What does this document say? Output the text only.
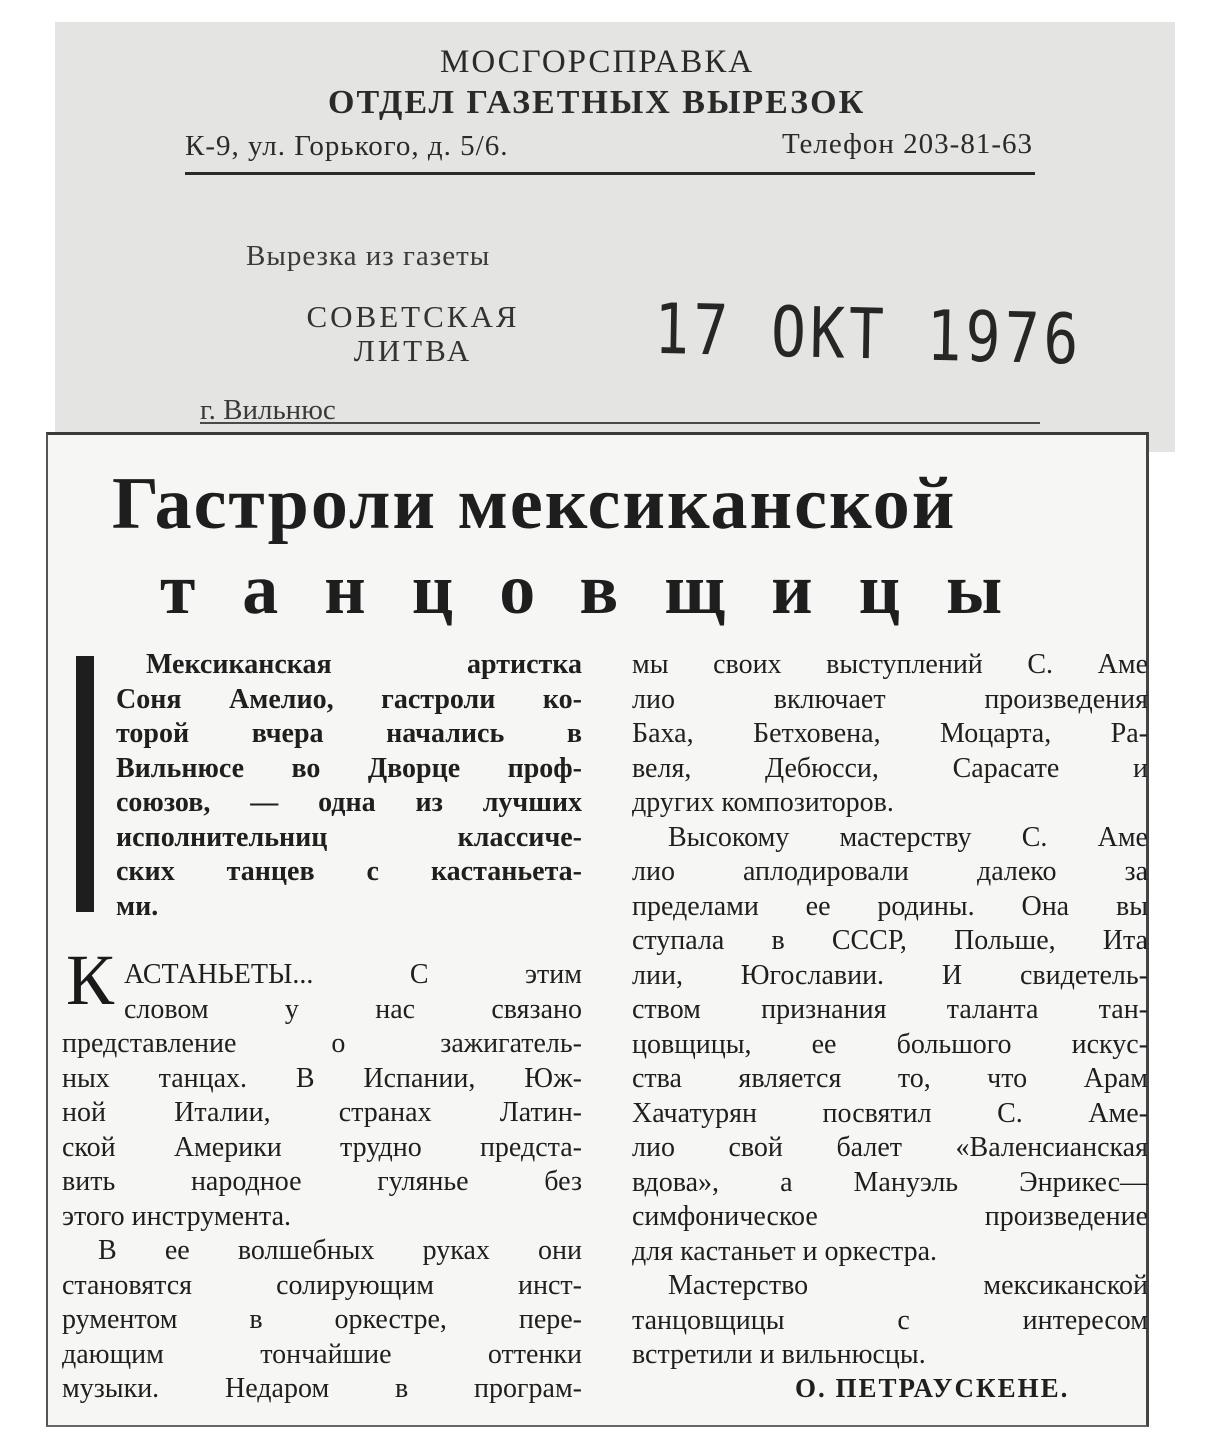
МОСГОРСПРАВКА
ОТДЕЛ ГАЗЕТНЫХ ВЫРЕЗОК
К-9, ул. Горького, д. 5/6.	Телефон 203-81-63
Вырезка из газеты
СОВЕТСКАЯ
ЛИТВА	17 ОКТ 1976
г. Вильнюс
Гастроли мексиканской
танцовщицы
Мексиканская артистка
Соня Амелио, гастроли ко-
торой вчера начались в
Вильнюсе во Дворце проф-
союзов, — одна из лучших
исполнительниц классиче-
ских танцев с кастаньета-
ми.
К АСТАНЬЕТЫ... С этим
словом у нас связано
представление о зажигатель-
ных танцах. В Испании, Юж-
ной Италии, странах Латин-
ской Америки трудно предста-
вить народное гулянье без
этого инструмента.
В ее волшебных руках они
становятся солирующим инст-
рументом в оркестре, пере-
дающим тончайшие оттенки
музыки. Недаром в програм-
мы своих выступлений С. Аме
лио включает произведения
Баха, Бетховена, Моцарта, Ра-
веля, Дебюсси, Сарасате и
других композиторов.
Высокому мастерству С. Аме
лио аплодировали далеко за
пределами ее родины. Она вы
ступала в СССР, Польше, Ита
лии, Югославии. И свидетель-
ством признания таланта тан-
цовщицы, ее большого искус-
ства является то, что Арам
Хачатурян посвятил С. Аме-
лио свой балет «Валенсианская
вдова», а Мануэль Энрикес—
симфоническое произведение
для кастаньет и оркестра.
Мастерство мексиканской
танцовщицы с интересом
встретили и вильнюсцы.
О. ПЕТРАУСКЕНЕ.
